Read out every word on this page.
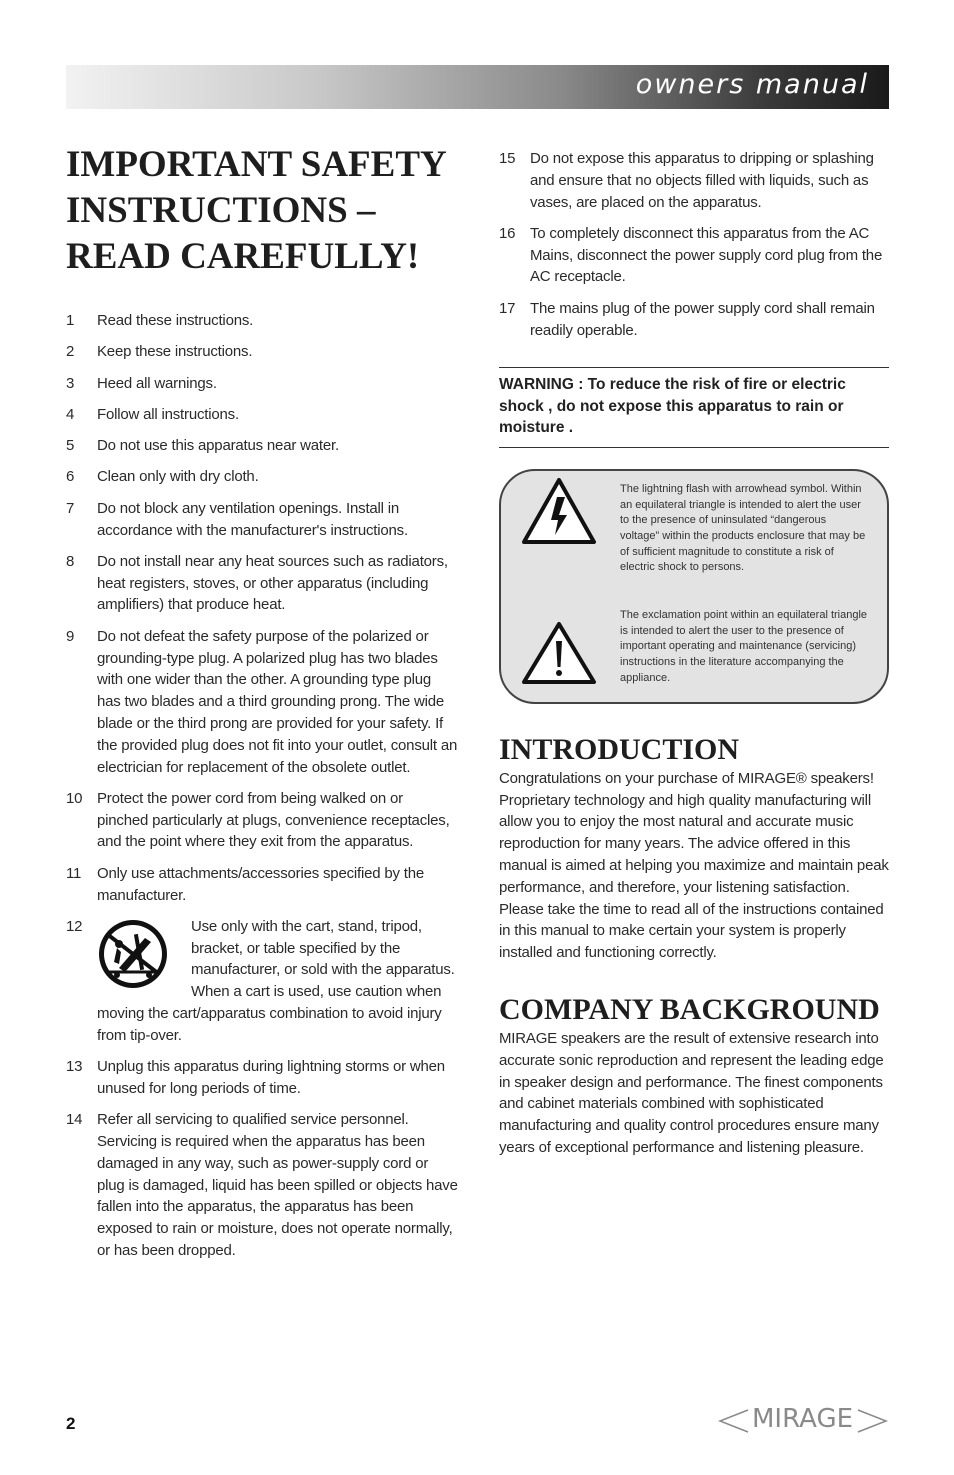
owners manual
IMPORTANT SAFETY INSTRUCTIONS – READ CAREFULLY!
1	Read these instructions.
2	Keep these instructions.
3	Heed all warnings.
4	Follow all instructions.
5	Do not use this apparatus near water.
6	Clean only with dry cloth.
7	Do not block any ventilation openings. Install in accordance with the manufacturer's instructions.
8	Do not install near any heat sources such as radiators, heat registers, stoves, or other apparatus (including amplifiers) that produce heat.
9	Do not defeat the safety purpose of the polarized or grounding-type plug. A polarized plug has two blades with one wider than the other. A grounding type plug has two blades and a third grounding prong. The wide blade or the third prong are provided for your safety. If the provided plug does not fit into your outlet, consult an electrician for replacement of the obsolete outlet.
10 Protect the power cord from being walked on or pinched particularly at plugs, convenience receptacles, and the point where they exit from the apparatus.
11	Only use attachments/accessories specified by the manufacturer.
12	Use only with the cart, stand, tripod, bracket, or table specified by the manufacturer, or sold with the apparatus. When a cart is used, use caution when moving the cart/apparatus combination to avoid injury from tip-over.
13 Unplug this apparatus during lightning storms or when unused for long periods of time.
14 Refer all servicing to qualified service personnel. Servicing is required when the apparatus has been damaged in any way, such as power-supply cord or plug is damaged, liquid has been spilled or objects have fallen into the apparatus, the apparatus has been exposed to rain or moisture, does not operate normally, or has been dropped.
15 Do not expose this apparatus to dripping or splashing and ensure that no objects filled with liquids, such as vases, are placed on the apparatus.
16 To completely disconnect this apparatus from the AC Mains, disconnect the power supply cord plug from the AC receptacle.
17 The mains plug of the power supply cord shall remain readily operable.
WARNING : To reduce the risk of fire or electric shock , do not expose this apparatus to rain or moisture .
The lightning flash with arrowhead symbol. Within an equilateral triangle is intended to alert the user to the presence of uninsulated “dangerous voltage” within the products enclosure that may be of sufficient magnitude to constitute a risk of electric shock to persons.
The exclamation point within an equilateral triangle is intended to alert the user to the presence of important operating and maintenance (servicing) instructions in the literature accompanying the appliance.
INTRODUCTION

Congratulations on your purchase of MIRAGE® speakers! Proprietary technology and high quality manufacturing will allow you to enjoy the most natural and accurate music reproduction for many years. The advice offered in this manual is aimed at helping you maximize and maintain peak performance, and therefore, your listening satisfaction. Please take the time to read all of the instructions contained in this manual to make certain your system is properly installed and functioning correctly.

COMPANY BACKGROUND

MIRAGE speakers are the result of extensive research into accurate sonic reproduction and represent the leading edge in speaker design and performance. The finest components and cabinet materials combined with sophisticated manufacturing and quality control procedures ensure many years of exceptional performance and listening pleasure.

2	MIRAGE
